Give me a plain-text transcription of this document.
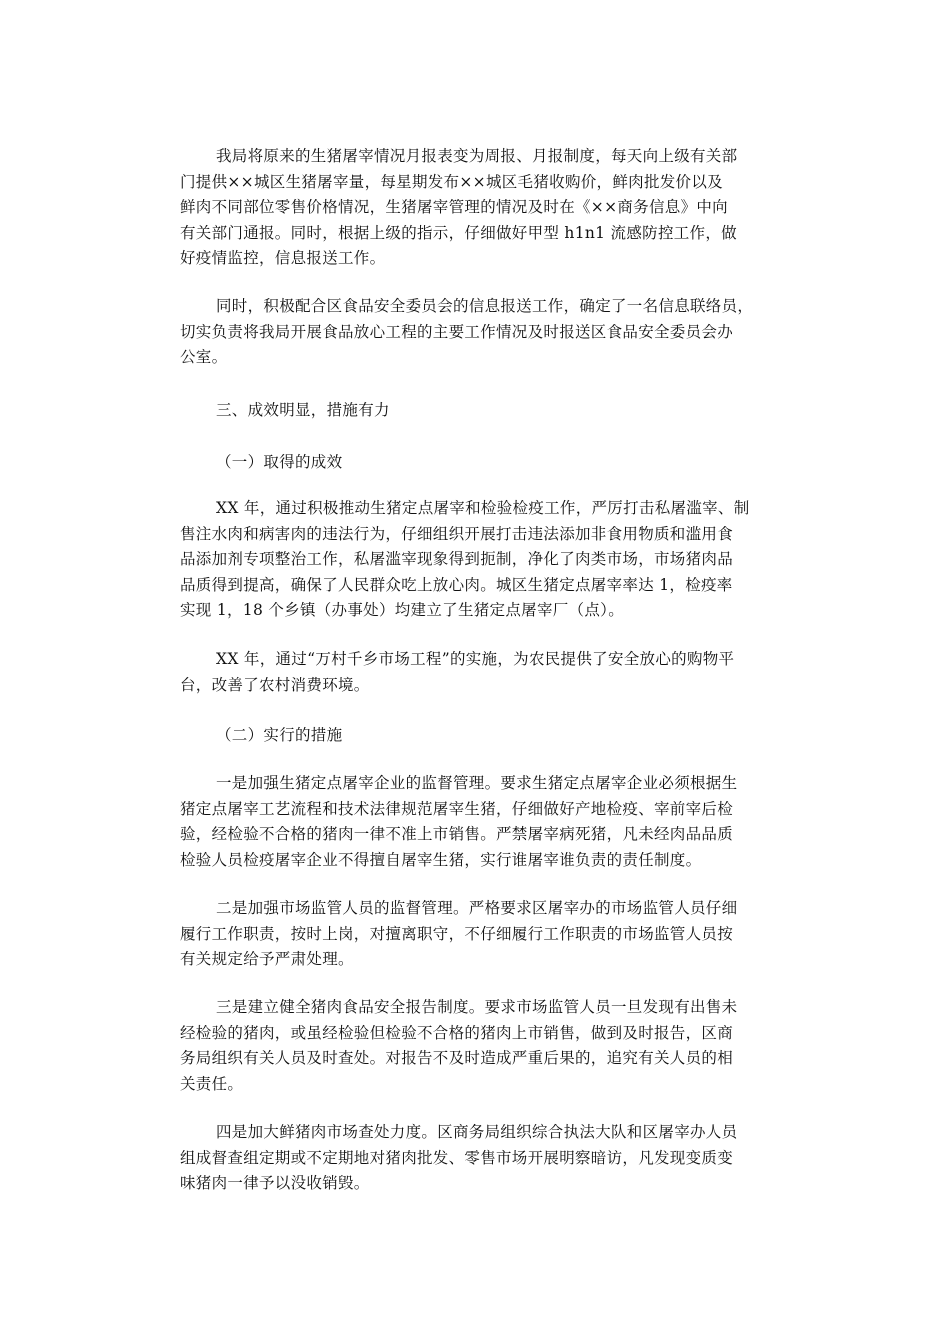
我局将原来的生猪屠宰情况月报表变为周报、月报制度，每天向上级有关部
门提供××城区生猪屠宰量，每星期发布××城区毛猪收购价，鲜肉批发价以及
鲜肉不同部位零售价格情况，生猪屠宰管理的情况及时在《××商务信息》中向
有关部门通报。同时，根据上级的指示，仔细做好甲型 h1n1 流感防控工作，做
好疫情监控，信息报送工作。
同时，积极配合区食品安全委员会的信息报送工作，确定了一名信息联络员，
切实负责将我局开展食品放心工程的主要工作情况及时报送区食品安全委员会办
公室。
三、成效明显，措施有力
（一）取得的成效
XX 年，通过积极推动生猪定点屠宰和检验检疫工作，严厉打击私屠滥宰、制
售注水肉和病害肉的违法行为，仔细组织开展打击违法添加非食用物质和滥用食
品添加剂专项整治工作，私屠滥宰现象得到扼制，净化了肉类市场，市场猪肉品
品质得到提高，确保了人民群众吃上放心肉。城区生猪定点屠宰率达 1，检疫率
实现 1，18 个乡镇（办事处）均建立了生猪定点屠宰厂（点）。
XX 年，通过“万村千乡市场工程”的实施，为农民提供了安全放心的购物平
台，改善了农村消费环境。
（二）实行的措施
一是加强生猪定点屠宰企业的监督管理。要求生猪定点屠宰企业必须根据生
猪定点屠宰工艺流程和技术法律规范屠宰生猪，仔细做好产地检疫、宰前宰后检
验，经检验不合格的猪肉一律不准上市销售。严禁屠宰病死猪，凡未经肉品品质
检验人员检疫屠宰企业不得擅自屠宰生猪，实行谁屠宰谁负责的责任制度。
二是加强市场监管人员的监督管理。严格要求区屠宰办的市场监管人员仔细
履行工作职责，按时上岗，对擅离职守，不仔细履行工作职责的市场监管人员按
有关规定给予严肃处理。
三是建立健全猪肉食品安全报告制度。要求市场监管人员一旦发现有出售未
经检验的猪肉，或虽经检验但检验不合格的猪肉上市销售，做到及时报告，区商
务局组织有关人员及时查处。对报告不及时造成严重后果的，追究有关人员的相
关责任。
四是加大鲜猪肉市场查处力度。区商务局组织综合执法大队和区屠宰办人员
组成督查组定期或不定期地对猪肉批发、零售市场开展明察暗访，凡发现变质变
味猪肉一律予以没收销毁。
